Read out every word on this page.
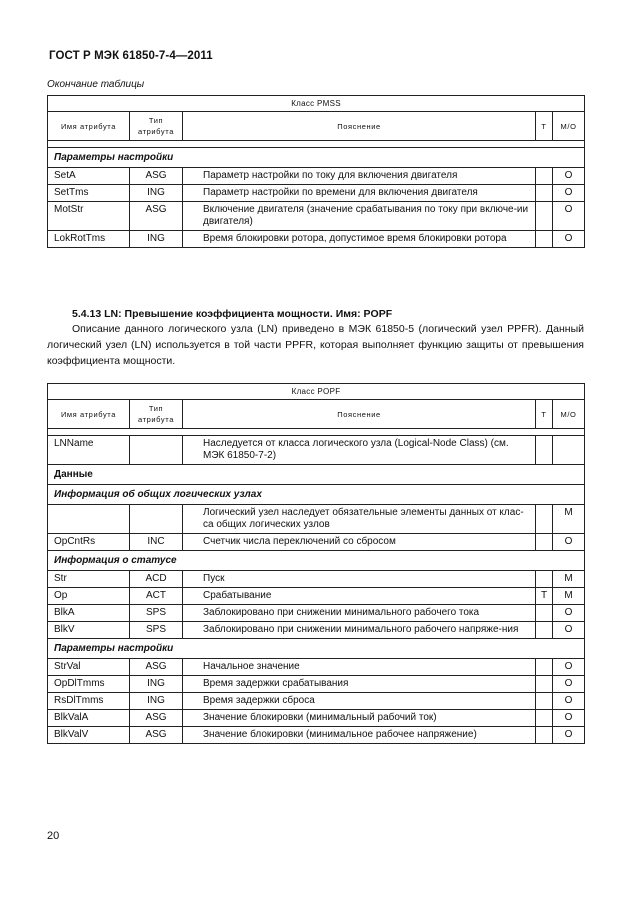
ГОСТ Р МЭК 61850-7-4—2011
Окончание таблицы
Класс PMSS				
Имя атрибута	Тип атрибута	Пояснение	T	M/O

Параметры настройки				
SetA	ASG	Параметр настройки по току для включения двигателя		O
SetTms	ING	Параметр настройки по времени для включения двигателя		O
MotStr	ASG	Включение двигателя (значение срабатывания по току при включе-ии двигателя)		O
LokRotTms	ING	Время блокировки ротора, допустимое время блокировки ротора		O
5.4.13 LN: Превышение коэффициента мощности. Имя: POPF
Описание данного логического узла (LN) приведено в МЭК 61850-5 (логический узел PPFR). Данный логический узел (LN) используется в той части PPFR, которая выполняет функцию защиты от превышения коэффициента мощности.
Класс POPF				
Имя атрибута	Тип атрибута	Пояснение	T	M/O

LNName		Наследуется от класса логического узла (Logical-Node Class) (см. МЭК 61850-7-2)		

Данные				
Информация об общих логических узлах				

		Логический узел наследует обязательные элементы данных от клас-са общих логических узлов		M
OpCntRs	INC	Счетчик числа переключений со сбросом		O
Информация о статусе				
Str	ACD	Пуск		M
Op	ACT	Срабатывание	T	M
BlkA	SPS	Заблокировано при снижении минимального рабочего тока		O
BlkV	SPS	Заблокировано при снижении минимального рабочего напряже-ния		O
Параметры настройки				
StrVal	ASG	Начальное значение		O
OpDlTmms	ING	Время задержки срабатывания		O
RsDlTmms	ING	Время задержки сброса		O
BlkValA	ASG	Значение блокировки (минимальный рабочий ток)		O
BlkValV	ASG	Значение блокировки (минимальное рабочее напряжение)		O
20
